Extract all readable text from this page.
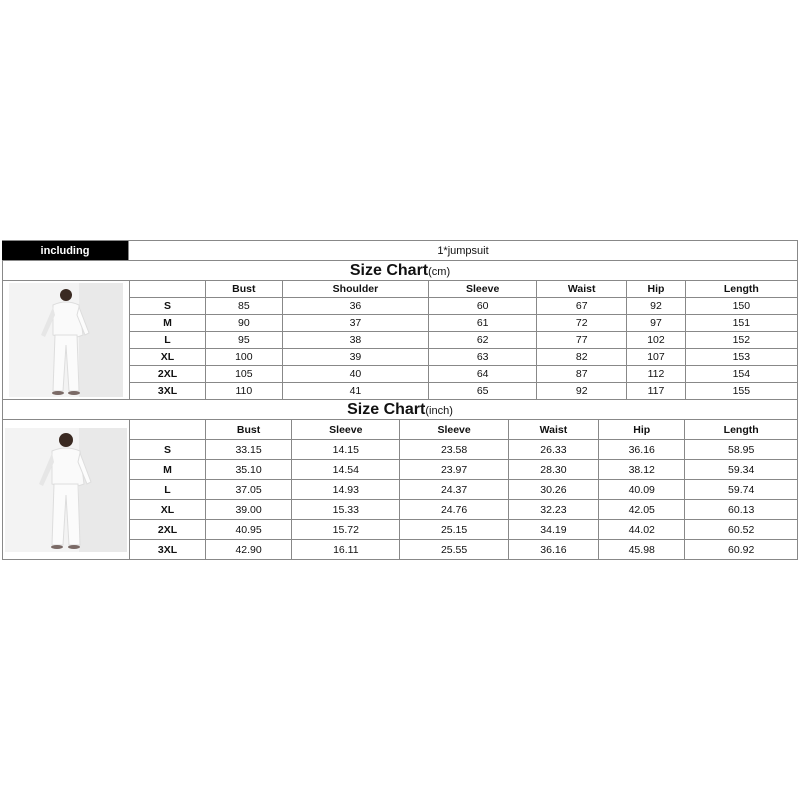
including	1*jumpsuit
Size Chart(cm)
	Bust	Shoulder	Sleeve	Waist	Hip	Length
S	85	36	60	67	92	150
M	90	37	61	72	97	151
L	95	38	62	77	102	152
XL	100	39	63	82	107	153
2XL	105	40	64	87	112	154
3XL	110	41	65	92	117	155
Size Chart(inch)
	Bust	Sleeve	Sleeve	Waist	Hip	Length
S	33.15	14.15	23.58	26.33	36.16	58.95
M	35.10	14.54	23.97	28.30	38.12	59.34
L	37.05	14.93	24.37	30.26	40.09	59.74
XL	39.00	15.33	24.76	32.23	42.05	60.13
2XL	40.95	15.72	25.15	34.19	44.02	60.52
3XL	42.90	16.11	25.55	36.16	45.98	60.92
